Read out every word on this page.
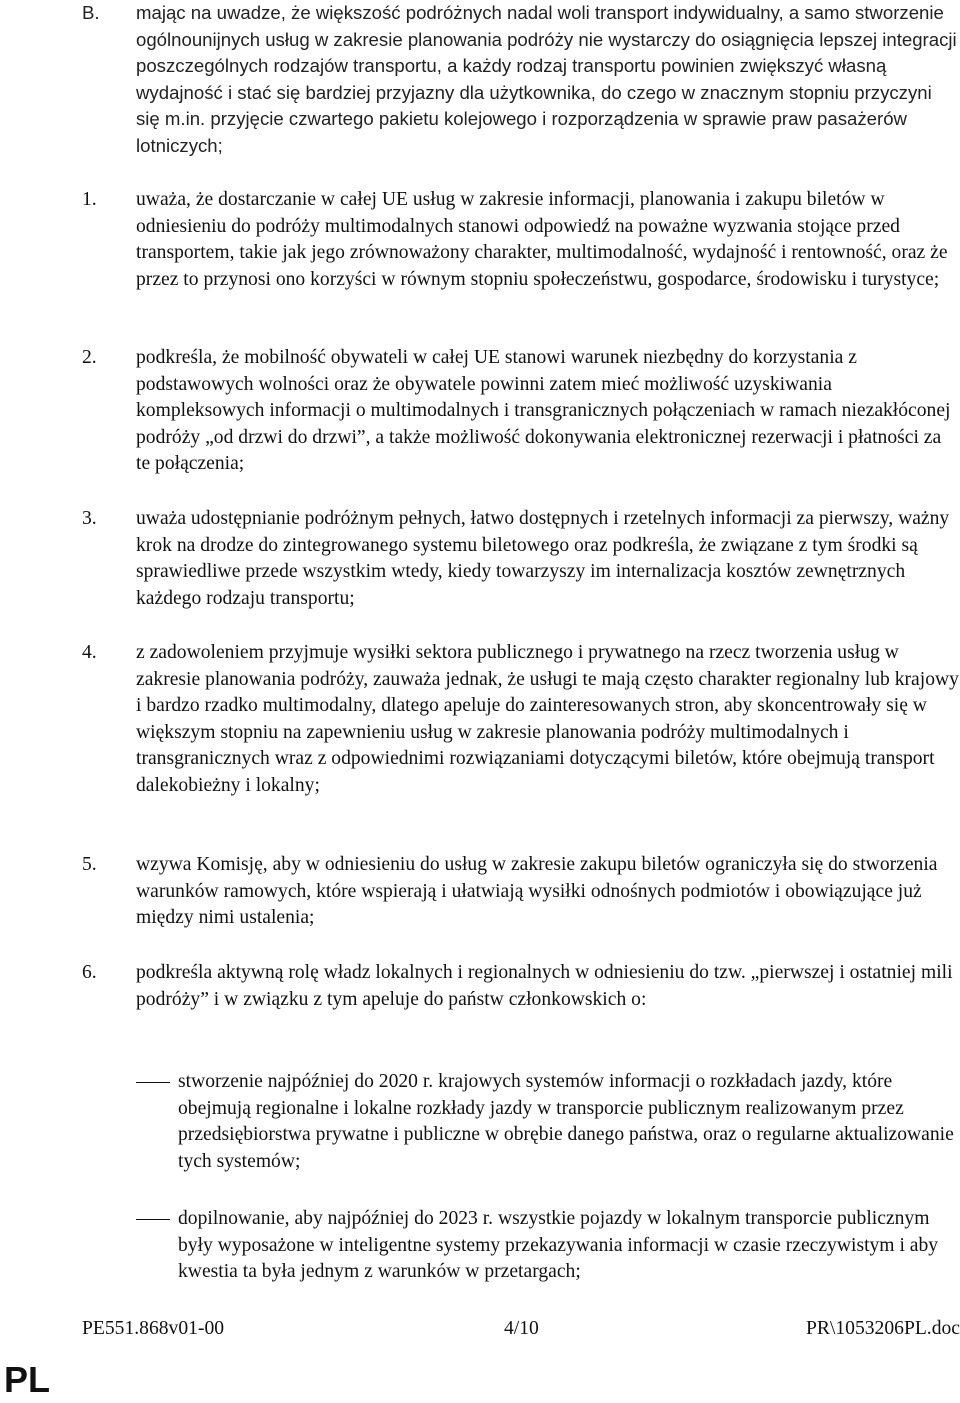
B.	mając na uwadze, że większość podróżnych nadal woli transport indywidualny, a samo stworzenie ogólnounijnych usług w zakresie planowania podróży nie wystarczy do osiągnięcia lepszej integracji poszczególnych rodzajów transportu, a każdy rodzaj transportu powinien zwiększyć własną wydajność i stać się bardziej przyjazny dla użytkownika, do czego w znacznym stopniu przyczyni się m.in. przyjęcie czwartego pakietu kolejowego i rozporządzenia w sprawie praw pasażerów lotniczych;
1.	uważa, że dostarczanie w całej UE usług w zakresie informacji, planowania i zakupu biletów w odniesieniu do podróży multimodalnych stanowi odpowiedź na poważne wyzwania stojące przed transportem, takie jak jego zrównoważony charakter, multimodalność, wydajność i rentowność, oraz że przez to przynosi ono korzyści w równym stopniu społeczeństwu, gospodarce, środowisku i turystyce;
2.	podkreśla, że mobilność obywateli w całej UE stanowi warunek niezbędny do korzystania z podstawowych wolności oraz że obywatele powinni zatem mieć możliwość uzyskiwania kompleksowych informacji o multimodalnych i transgranicznych połączeniach w ramach niezakłóconej podróży „od drzwi do drzwi”, a także możliwość dokonywania elektronicznej rezerwacji i płatności za te połączenia;
3.	uważa udostępnianie podróżnym pełnych, łatwo dostępnych i rzetelnych informacji za pierwszy, ważny krok na drodze do zintegrowanego systemu biletowego oraz podkreśla, że związane z tym środki są sprawiedliwe przede wszystkim wtedy, kiedy towarzyszy im internalizacja kosztów zewnętrznych każdego rodzaju transportu;
4.	z zadowoleniem przyjmuje wysiłki sektora publicznego i prywatnego na rzecz tworzenia usług w zakresie planowania podróży, zauważa jednak, że usługi te mają często charakter regionalny lub krajowy i bardzo rzadko multimodalny, dlatego apeluje do zainteresowanych stron, aby skoncentrowały się w większym stopniu na zapewnieniu usług w zakresie planowania podróży multimodalnych i transgranicznych wraz z odpowiednimi rozwiązaniami dotyczącymi biletów, które obejmują transport dalekobieżny i lokalny;
5.	wzywa Komisję, aby w odniesieniu do usług w zakresie zakupu biletów ograniczyła się do stworzenia warunków ramowych, które wspierają i ułatwiają wysiłki odnośnych podmiotów i obowiązujące już między nimi ustalenia;
6.	podkreśla aktywną rolę władz lokalnych i regionalnych w odniesieniu do tzw. „pierwszej i ostatniej mili podróży” i w związku z tym apeluje do państw członkowskich o:
stworzenie najpóźniej do 2020 r. krajowych systemów informacji o rozkładach jazdy, które obejmują regionalne i lokalne rozkłady jazdy w transporcie publicznym realizowanym przez przedsiębiorstwa prywatne i publiczne w obrębie danego państwa, oraz o regularne aktualizowanie tych systemów;
dopilnowanie, aby najpóźniej do 2023 r. wszystkie pojazdy w lokalnym transporcie publicznym były wyposażone w inteligentne systemy przekazywania informacji w czasie rzeczywistym i aby kwestia ta była jednym z warunków w przetargach;
PE551.868v01-00	4/10	PR\1053206PL.doc
PL
